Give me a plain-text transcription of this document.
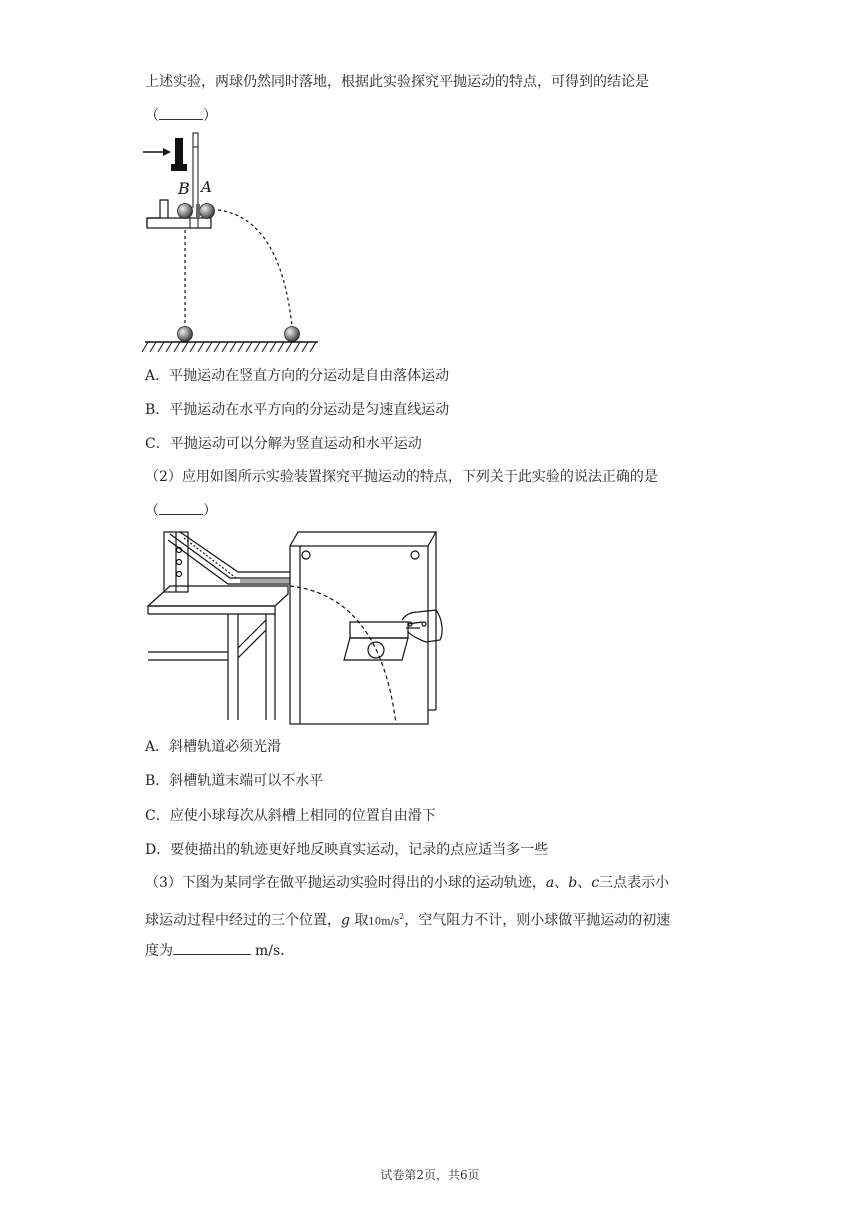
上述实验，两球仍然同时落地，根据此实验探究平抛运动的特点，可得到的结论是
（	）
B A
A．平抛运动在竖直方向的分运动是自由落体运动
B．平抛运动在水平方向的分运动是匀速直线运动
C．平抛运动可以分解为竖直运动和水平运动
（2）应用如图所示实验装置探究平抛运动的特点，下列关于此实验的说法正确的是
（	）
A．斜槽轨道必须光滑
B．斜槽轨道末端可以不水平
C．应使小球每次从斜槽上相同的位置自由滑下
D．要使描出的轨迹更好地反映真实运动，记录的点应适当多一些
（3）下图为某同学在做平抛运动实验时得出的小球的运动轨迹，a、b、c三点表示小
球运动过程中经过的三个位置，g 取$10m/s^2$，空气阻力不计，则小球做平抛运动的初速
度为	m/s．
试卷第2页，共6页
